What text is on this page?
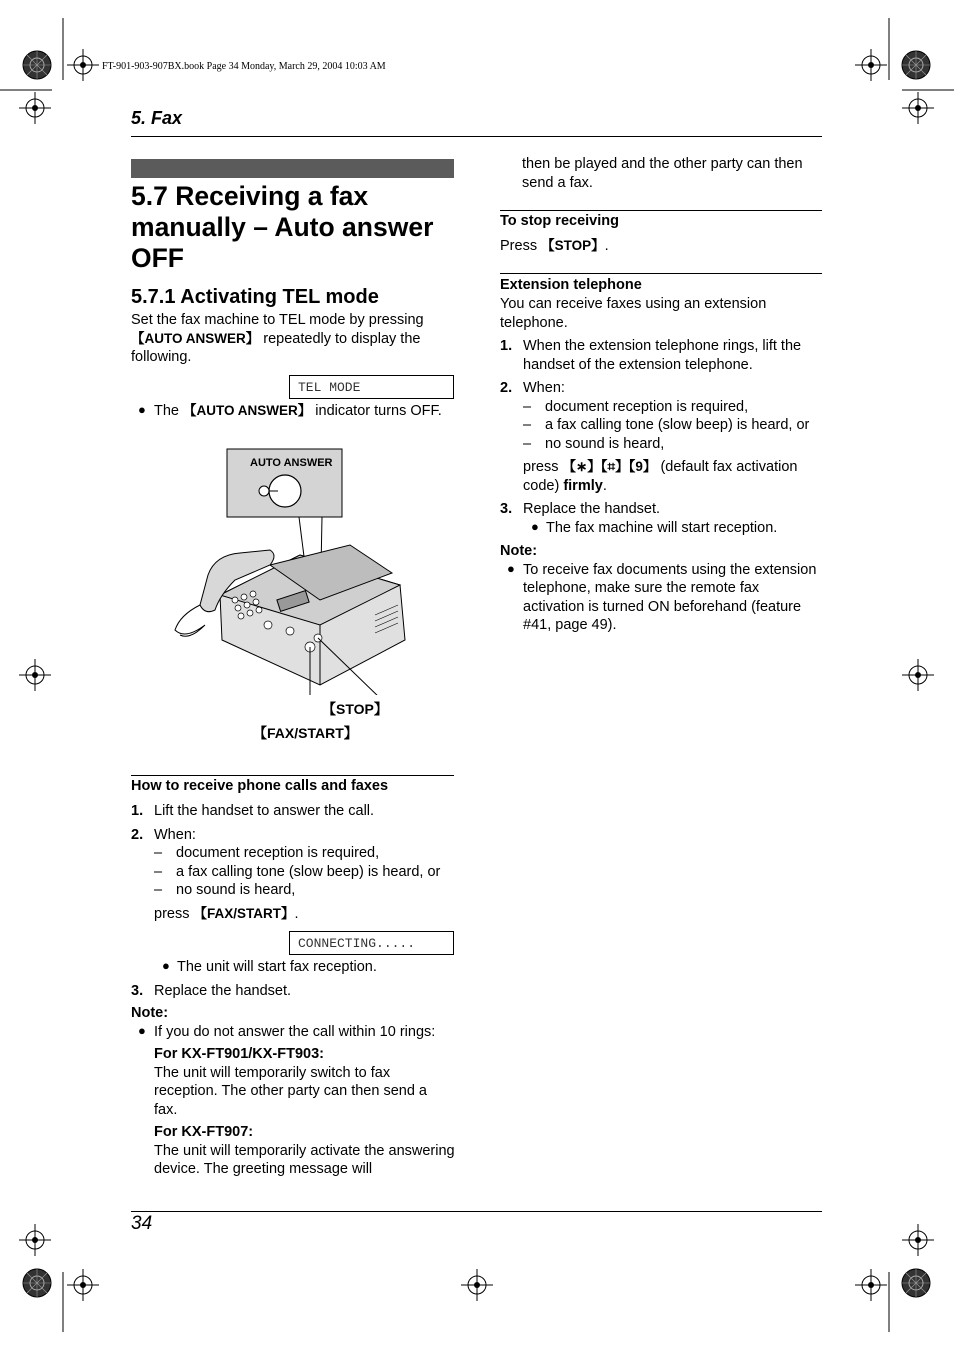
FT-901-903-907BX.book Page 34 Monday, March 29, 2004 10:03 AM
5. Fax
5.7 Receiving a fax
manually – Auto answer
OFF
5.7.1 Activating TEL mode

Set the fax machine to TEL mode by pressing 【AUTO ANSWER】 repeatedly to display the following.

TEL MODE

● The 【AUTO ANSWER】 indicator turns OFF.

AUTO ANSWER
【STOP】
【FAX/START】
How to receive phone calls and faxes

1. Lift the handset to answer the call.

2. When:

– document reception is required,

– a fax calling tone (slow beep) is heard, or

– no sound is heard,

press 【FAX/START】.

CONNECTING.....

● The unit will start fax reception.

3. Replace the handset.

Note:

● If you do not answer the call within 10 rings:

For KX-FT901/KX-FT903:

The unit will temporarily switch to fax reception. The other party can then send a fax.

For KX-FT907:

The unit will temporarily activate the answering device. The greeting message will

then be played and the other party can then send a fax.

To stop receiving

Press 【STOP】.

Extension telephone

You can receive faxes using an extension telephone.

1. When the extension telephone rings, lift the handset of the extension telephone.

2. When:

– document reception is required,

– a fax calling tone (slow beep) is heard, or

– no sound is heard,

press 【∗】【⌗】【9】 (default fax activation code) firmly.

3. Replace the handset.

● The fax machine will start reception.

Note:

● To receive fax documents using the extension telephone, make sure the remote fax activation is turned ON beforehand (feature #41, page 49).

34
